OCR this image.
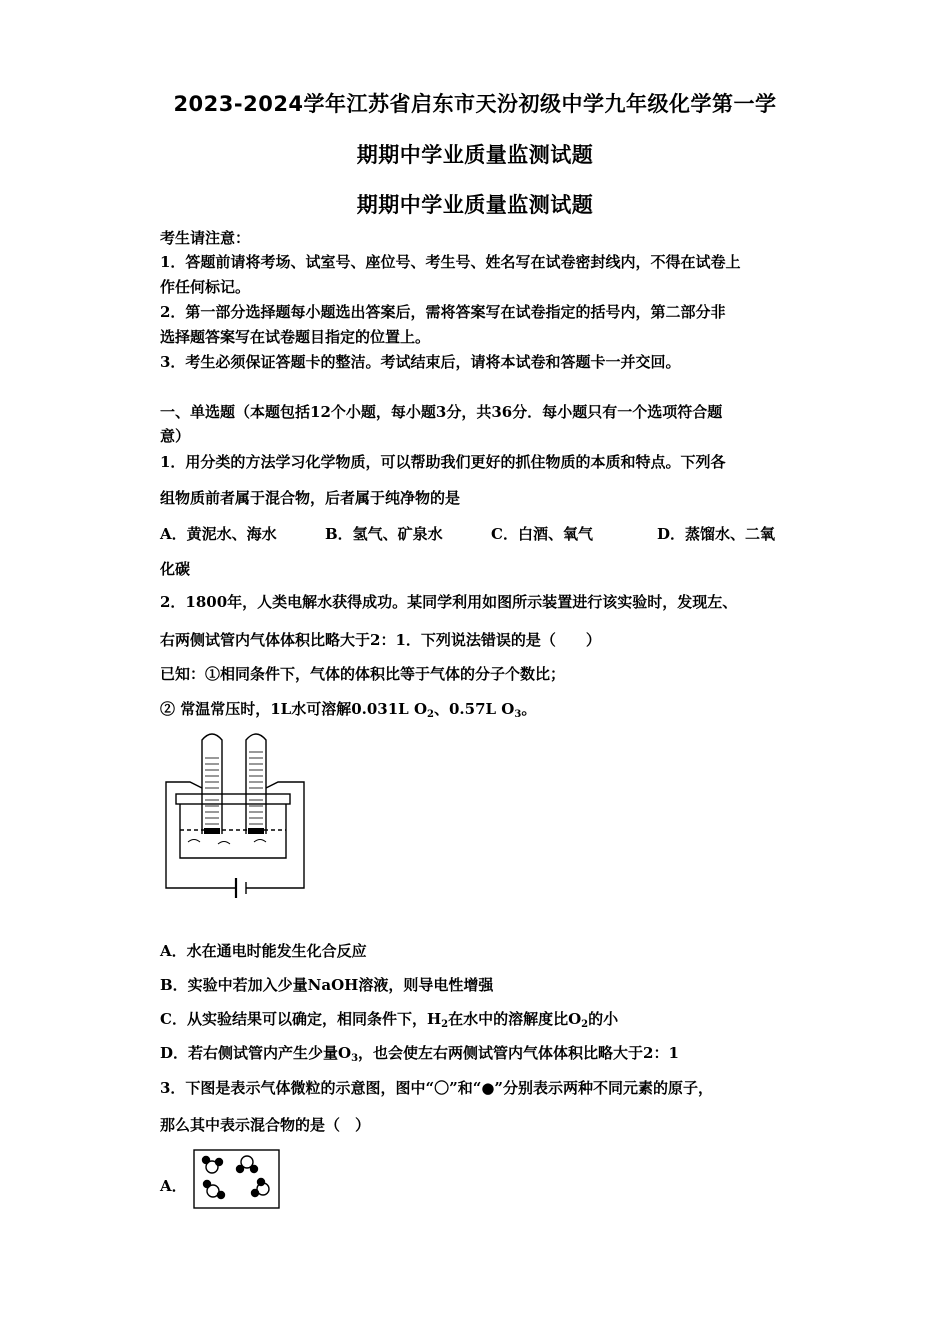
2023-2024学年江苏省启东市天汾初级中学九年级化学第一学
期期中学业质量监测试题
期期中学业质量监测试题
考生请注意：
1．答题前请将考场、试室号、座位号、考生号、姓名写在试卷密封线内，不得在试卷上
作任何标记。
2．第一部分选择题每小题选出答案后，需将答案写在试卷指定的括号内，第二部分非
选择题答案写在试卷题目指定的位置上。
3．考生必须保证答题卡的整洁。考试结束后，请将本试卷和答题卡一并交回。
一、单选题（本题包括12个小题，每小题3分，共36分．每小题只有一个选项符合题
意）
1．用分类的方法学习化学物质，可以帮助我们更好的抓住物质的本质和特点。下列各
组物质前者属于混合物，后者属于纯净物的是
A．黄泥水、海水	B．氢气、矿泉水	C．白酒、氧气	D．蒸馏水、二氧
化碳
2．1800年，人类电解水获得成功。某同学利用如图所示装置进行该实验时，发现左、
右两侧试管内气体体积比略大于2：1．下列说法错误的是（　　）
已知：①相同条件下，气体的体积比等于气体的分子个数比；
② 常温常压时，1L水可溶解0.031L $O_2$、0.57L $O_3$。
A．水在通电时能发生化合反应
B．实验中若加入少量NaOH溶液，则导电性增强
C．从实验结果可以确定，相同条件下，$H_2$在水中的溶解度比$O_2$的小
D．若右侧试管内产生少量$O_3$，也会使左右两侧试管内气体体积比略大于2：1
3．下图是表示气体微粒的示意图，图中“〇”和“●”分别表示两种不同元素的原子，
那么其中表示混合物的是（　）
A．
